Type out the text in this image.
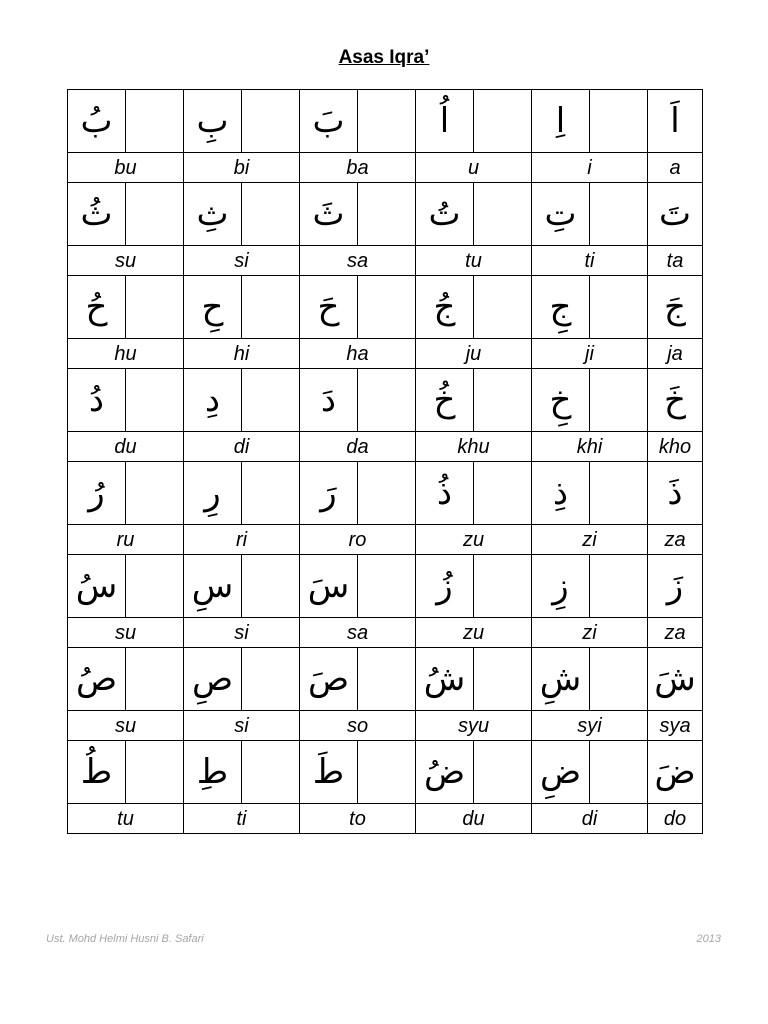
Asas Iqra’
بُ بِ بَ	اُ	اِ	اَ
bu	bi	ba	u	i	a
ثُ ثِ ثَ تُ تِ تَ
su	si	sa	tu	ti	ta
حُ	حِ	حَ	جُ	جِ	جَ
hu	hi	ha	ju	ji	ja
دُ	دِ	دَ	خُ	خِ	خَ
du	di	da	khu	khi	kho
رُ	رِ	رَ	ذُ	ذِ	ذَ
ru	ri	ro	zu	zi	za
سُ سِ سَ	زُ	زِ	زَ
su	si	sa	zu	zi	za
صُ صِ صَ شُ شِ شَ
su	si	so	syu	syi	sya
طُ طِ طَ ضُ ضِ ضَ
tu	ti	to	du	di	do
Ust. Mohd Helmi Husni B. Safari	2013
